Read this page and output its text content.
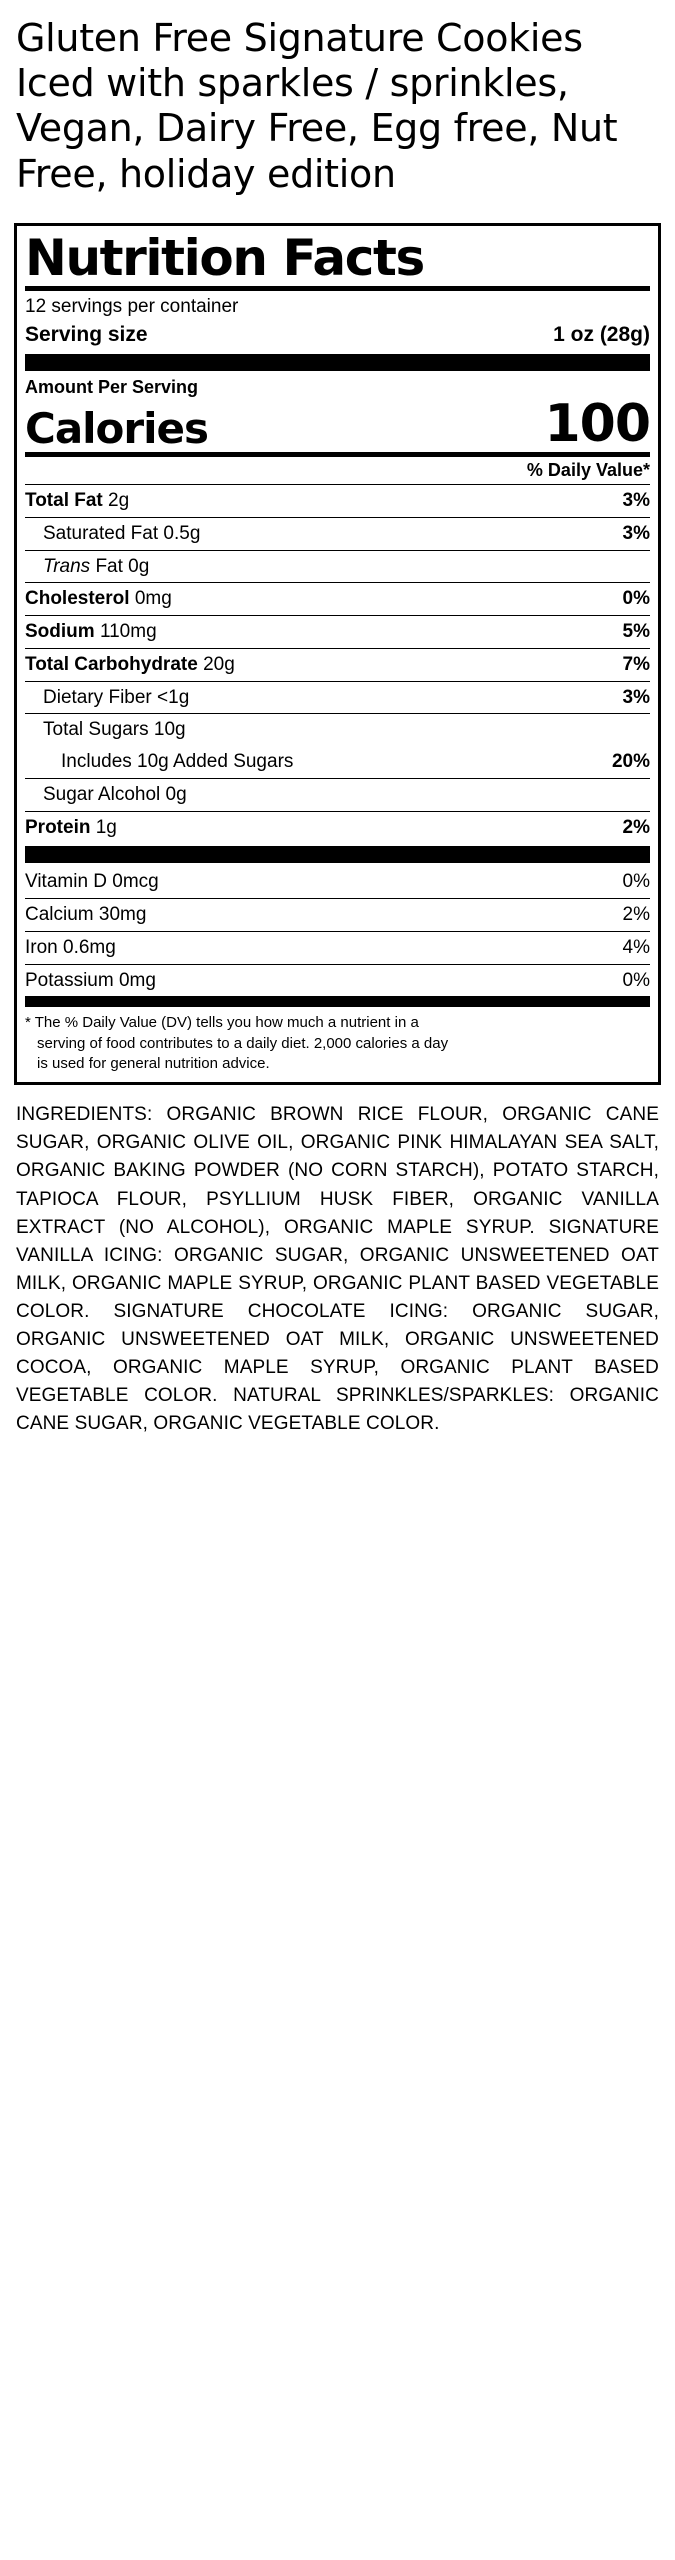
Gluten Free Signature Cookies Iced with sparkles / sprinkles, Vegan, Dairy Free, Egg free, Nut Free, holiday edition
Nutrition Facts
12 servings per container
Serving size	1 oz (28g)
Amount Per Serving
Calories	100
% Daily Value*
Total Fat 2g	3%
Saturated Fat 0.5g	3%
Trans Fat 0g
Cholesterol 0mg	0%
Sodium 110mg	5%
Total Carbohydrate 20g	7%
Dietary Fiber <1g	3%
Total Sugars 10g
Includes 10g Added Sugars	20%
Sugar Alcohol 0g
Protein 1g	2%
Vitamin D 0mcg	0%
Calcium 30mg	2%
Iron 0.6mg	4%
Potassium 0mg	0%
* The % Daily Value (DV) tells you how much a nutrient in a
serving of food contributes to a daily diet. 2,000 calories a day
is used for general nutrition advice.
INGREDIENTS: ORGANIC BROWN RICE FLOUR, ORGANIC CANE SUGAR, ORGANIC OLIVE OIL, ORGANIC PINK HIMALAYAN SEA SALT, ORGANIC BAKING POWDER (NO CORN STARCH), POTATO STARCH, TAPIOCA FLOUR, PSYLLIUM HUSK FIBER, ORGANIC VANILLA EXTRACT (NO ALCOHOL), ORGANIC MAPLE SYRUP. SIGNATURE VANILLA ICING: ORGANIC SUGAR, ORGANIC UNSWEETENED OAT MILK, ORGANIC MAPLE SYRUP, ORGANIC PLANT BASED VEGETABLE COLOR. SIGNATURE CHOCOLATE ICING: ORGANIC SUGAR, ORGANIC UNSWEETENED OAT MILK, ORGANIC UNSWEETENED COCOA, ORGANIC MAPLE SYRUP, ORGANIC PLANT BASED VEGETABLE COLOR. NATURAL SPRINKLES/SPARKLES: ORGANIC CANE SUGAR, ORGANIC VEGETABLE COLOR.
